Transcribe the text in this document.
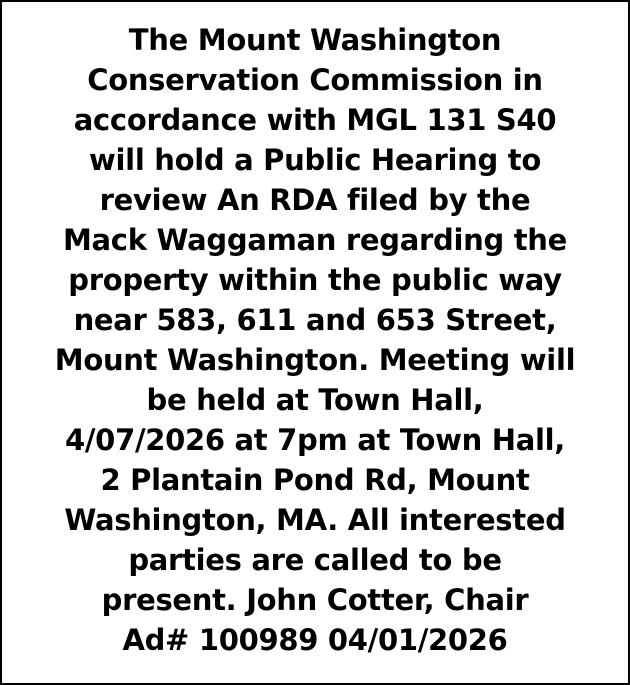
The Mount Washington
Conservation Commission in
accordance with MGL 131 S40
will hold a Public Hearing to
review An RDA filed by the
Mack Waggaman regarding the
property within the public way
near 583, 611 and 653 Street,
Mount Washington. Meeting will
be held at Town Hall,
4/07/2026 at 7pm at Town Hall,
2 Plantain Pond Rd, Mount
Washington, MA. All interested
parties are called to be
present. John Cotter, Chair
Ad# 100989 04/01/2026
